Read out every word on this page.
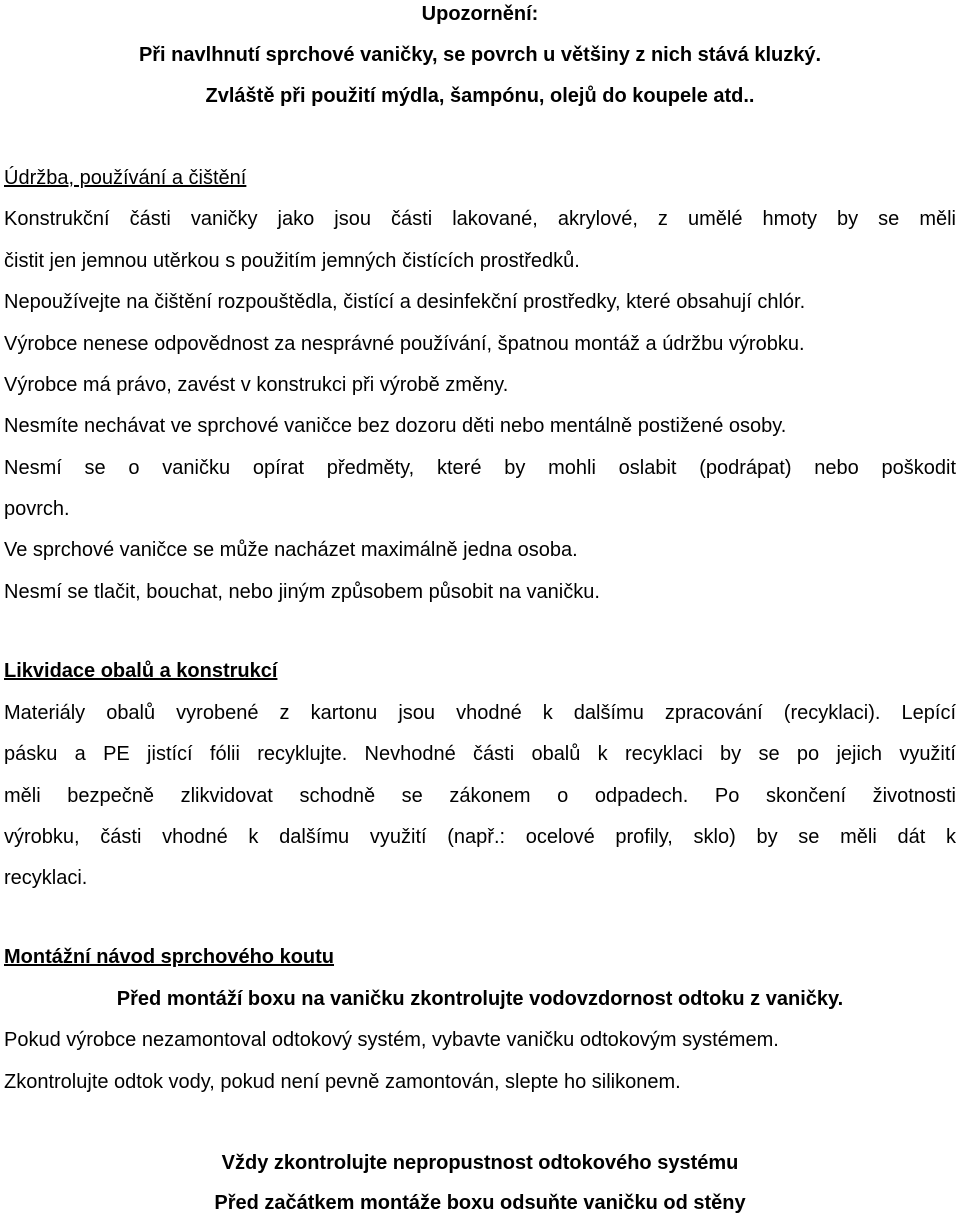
Upozornění:
Při navlhnutí sprchové vaničky, se povrch u většiny z nich stává kluzký.
Zvláště při použití mýdla, šampónu, olejů do koupele atd..
Údržba, používání a čištění
Konstrukční části vaničky jako jsou části lakované, akrylové, z umělé hmoty by se měli
čistit jen jemnou utěrkou s použitím jemných čistících prostředků.
Nepoužívejte na čištění rozpouštědla, čistící a desinfekční prostředky, které obsahují chlór.
Výrobce nenese odpovědnost za nesprávné používání, špatnou montáž a údržbu výrobku.
Výrobce má právo, zavést v konstrukci při výrobě změny.
Nesmíte nechávat ve sprchové vaničce bez dozoru děti nebo mentálně postižené osoby.
Nesmí se o vaničku opírat předměty, které by mohli oslabit (podrápat) nebo poškodit
povrch.
Ve sprchové vaničce se může nacházet maximálně jedna osoba.
Nesmí se tlačit, bouchat, nebo jiným způsobem působit na vaničku.
Likvidace obalů a konstrukcí
Materiály obalů vyrobené z kartonu jsou vhodné k dalšímu zpracování (recyklaci). Lepící
pásku a PE jistící fólii recyklujte. Nevhodné části obalů k recyklaci by se po jejich využití
měli bezpečně zlikvidovat schodně se zákonem o odpadech. Po skončení životnosti
výrobku, části vhodné k dalšímu využití (např.: ocelové profily, sklo) by se měli dát k
recyklaci.
Montážní návod sprchového koutu
Před montáží boxu na vaničku zkontrolujte vodovzdornost odtoku z vaničky.
Pokud výrobce nezamontoval odtokový systém, vybavte vaničku odtokovým systémem.
Zkontrolujte odtok vody, pokud není pevně zamontován, slepte ho silikonem.
Vždy zkontrolujte nepropustnost odtokového systému
Před začátkem montáže boxu odsuňte vaničku od stěny
